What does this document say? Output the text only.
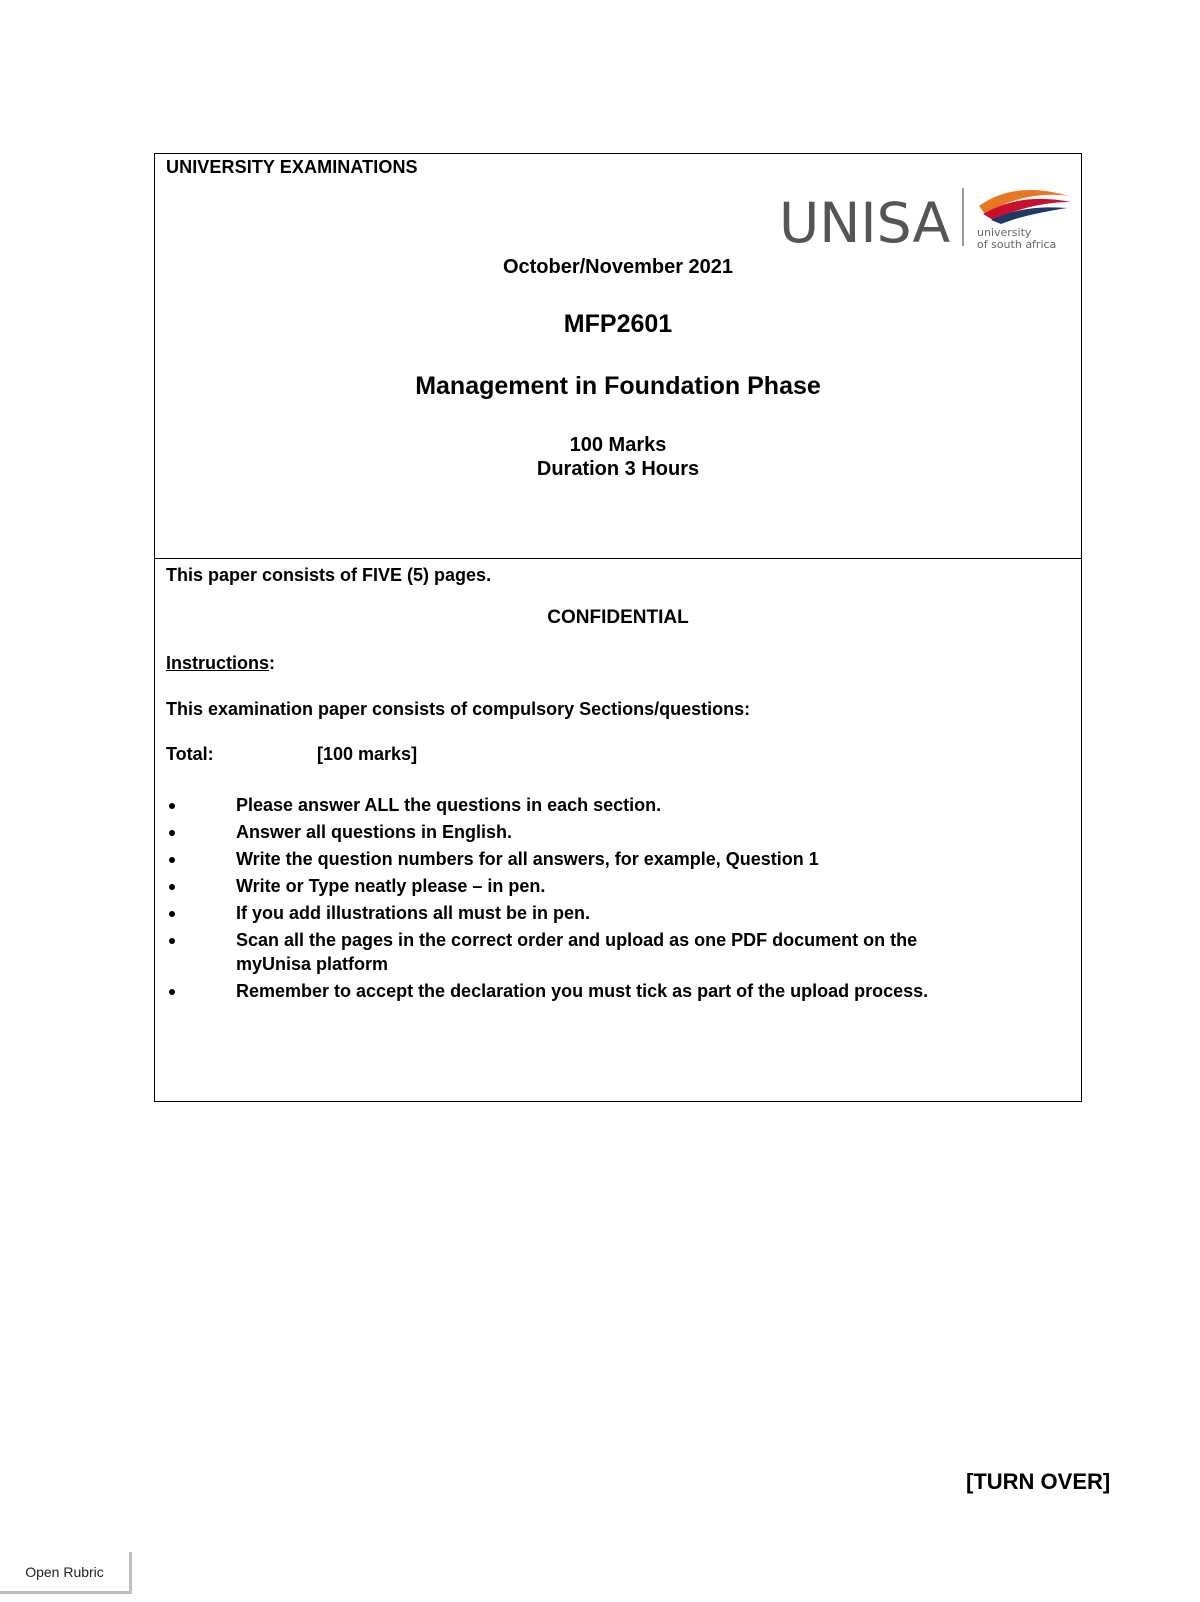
UNIVERSITY EXAMINATIONS
UNISA university
of south africa
October/November 2021
MFP2601
Management in Foundation Phase
100 Marks
Duration 3 Hours
This paper consists of FIVE (5) pages.
CONFIDENTIAL
Instructions:
This examination paper consists of compulsory Sections/questions:
Total:	[100 marks]
Please answer ALL the questions in each section.
Answer all questions in English.
Write the question numbers for all answers, for example, Question 1
Write or Type neatly please – in pen.
If you add illustrations all must be in pen.
Scan all the pages in the correct order and upload as one PDF document on the myUnisa platform
Remember to accept the declaration you must tick as part of the upload process.
[TURN OVER]
Open Rubric
